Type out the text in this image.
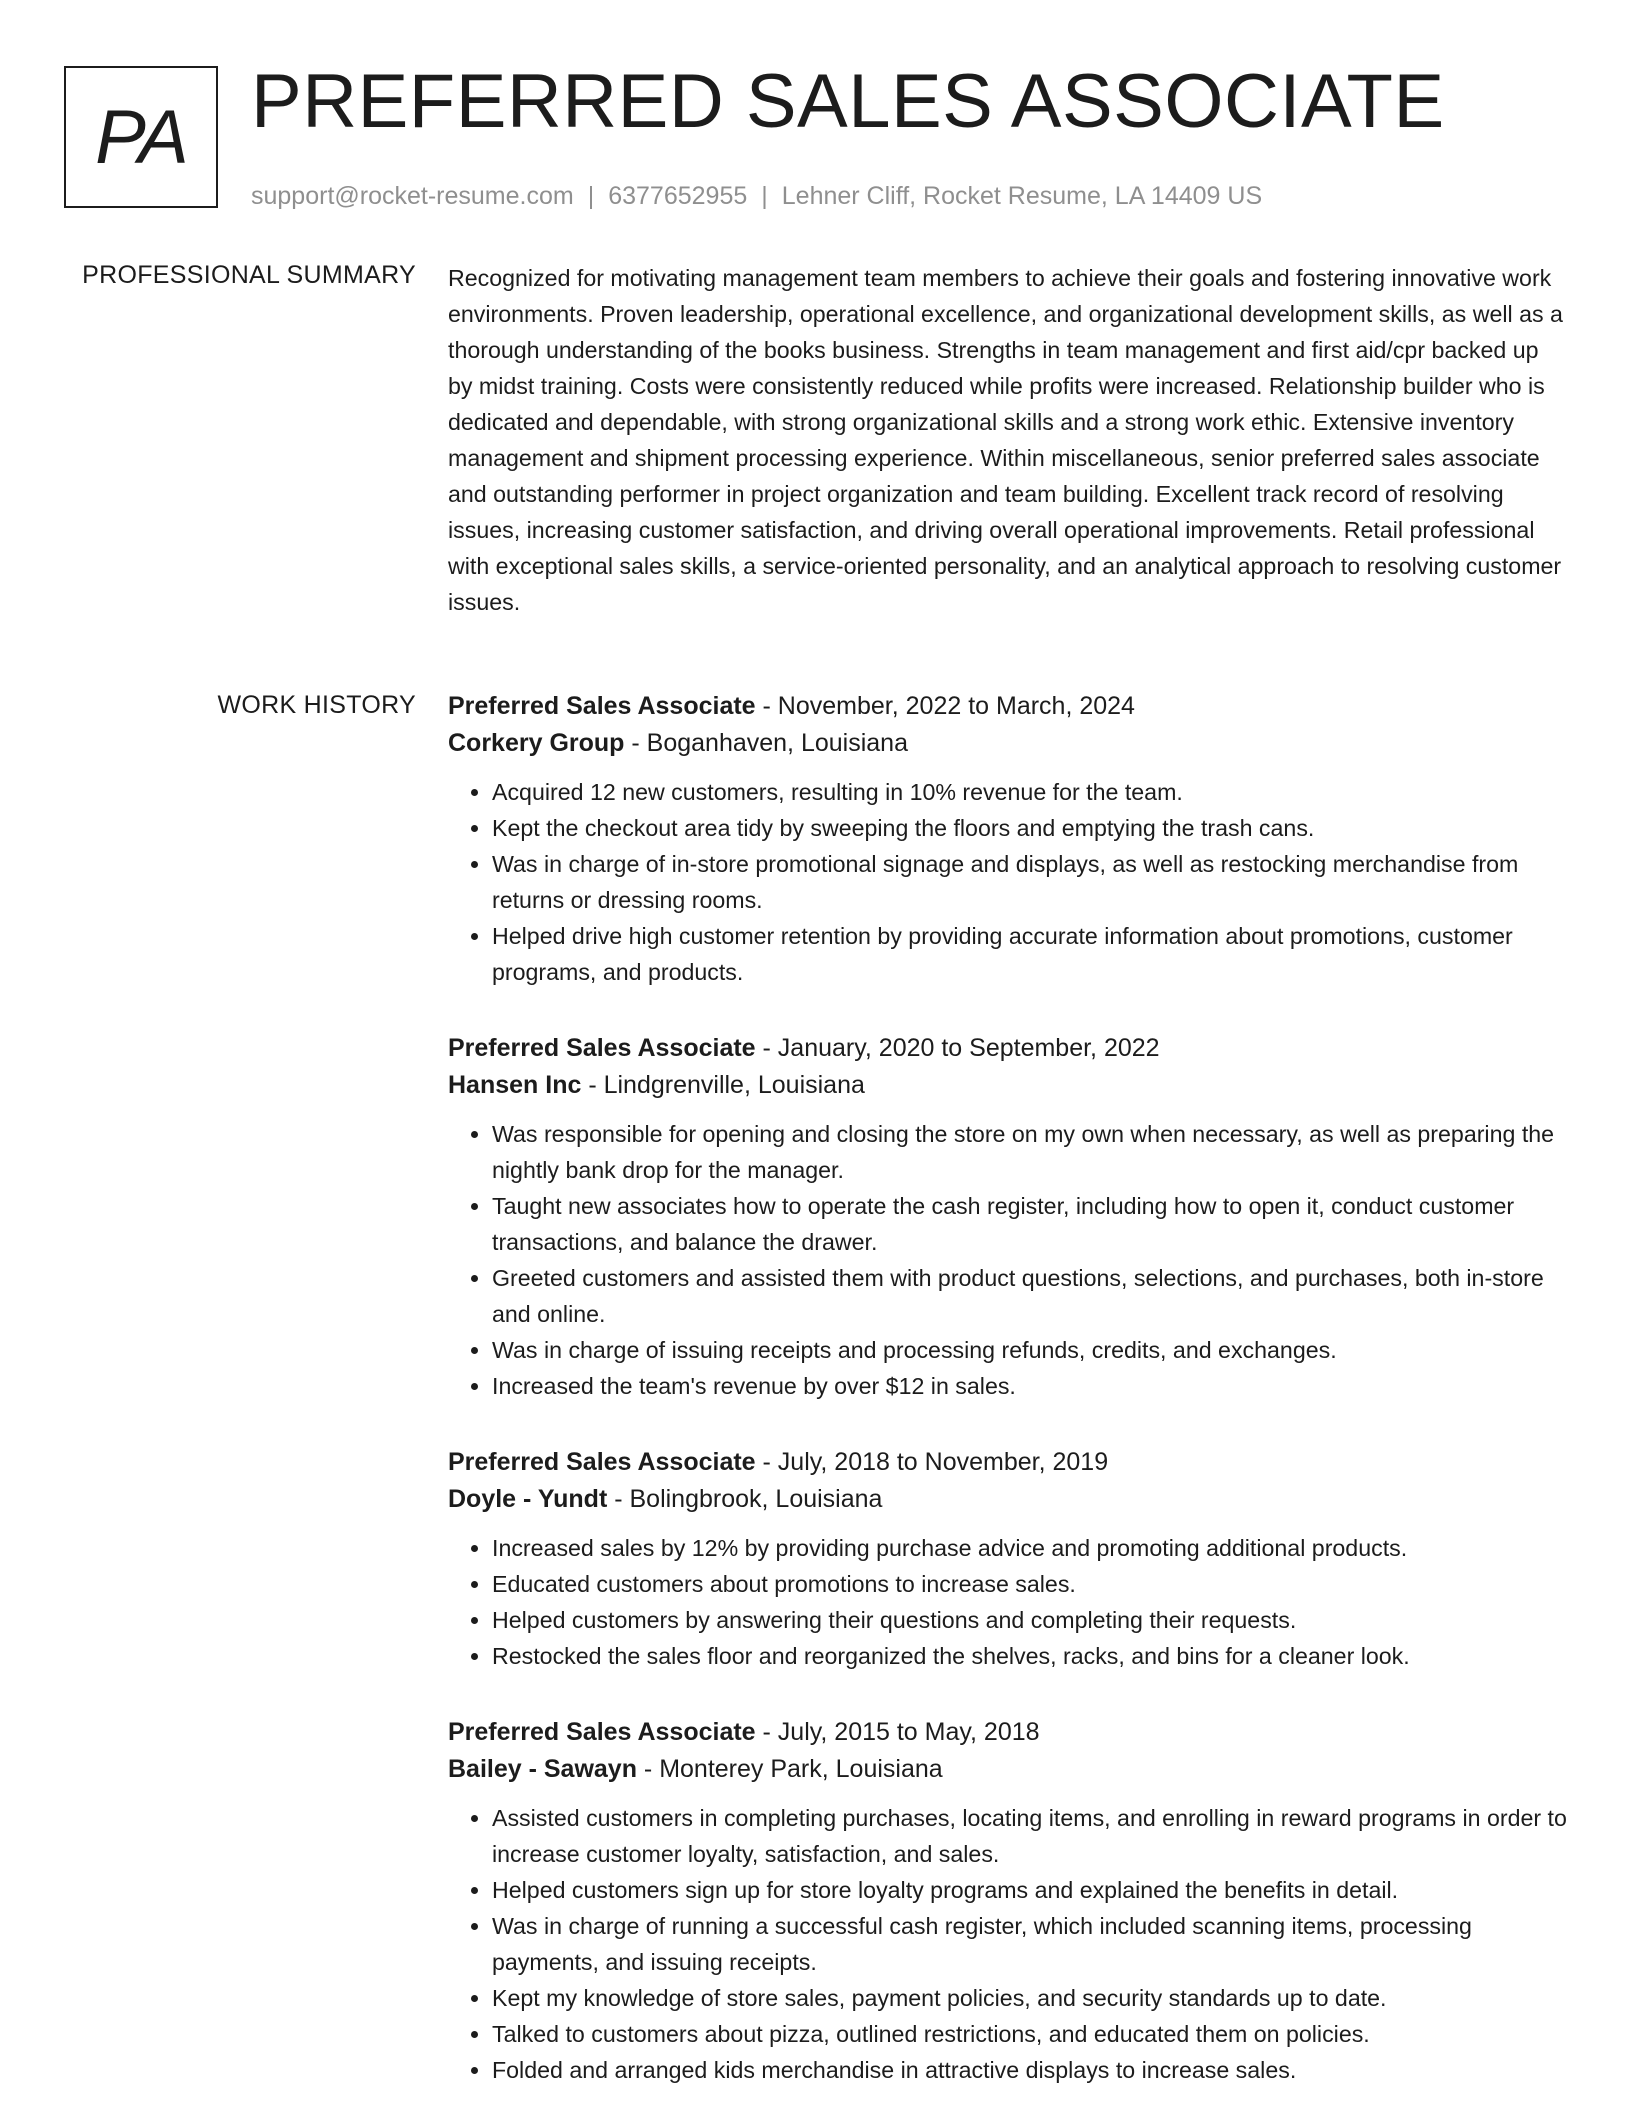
PA PREFERRED SALES ASSOCIATE
support@rocket-resume.com | 6377652955 | Lehner Cliff, Rocket Resume, LA 14409 US
PROFESSIONAL SUMMARY Recognized for motivating management team members to achieve their goals and fostering innovative work environments. Proven leadership, operational excellence, and organizational development skills, as well as a thorough understanding of the books business. Strengths in team management and first aid/cpr backed up by midst training. Costs were consistently reduced while profits were increased. Relationship builder who is dedicated and dependable, with strong organizational skills and a strong work ethic. Extensive inventory management and shipment processing experience. Within miscellaneous, senior preferred sales associate and outstanding performer in project organization and team building. Excellent track record of resolving issues, increasing customer satisfaction, and driving overall operational improvements. Retail professional with exceptional sales skills, a service-oriented personality, and an analytical approach to resolving customer issues.

WORK HISTORY Preferred Sales Associate - November, 2022 to March, 2024
Corkery Group - Boganhaven, Louisiana
• Acquired 12 new customers, resulting in 10% revenue for the team.
• Kept the checkout area tidy by sweeping the floors and emptying the trash cans.
• Was in charge of in-store promotional signage and displays, as well as restocking merchandise from returns or dressing rooms.
• Helped drive high customer retention by providing accurate information about promotions, customer programs, and products.
Preferred Sales Associate - January, 2020 to September, 2022
Hansen Inc - Lindgrenville, Louisiana
• Was responsible for opening and closing the store on my own when necessary, as well as preparing the nightly bank drop for the manager.
• Taught new associates how to operate the cash register, including how to open it, conduct customer transactions, and balance the drawer.
• Greeted customers and assisted them with product questions, selections, and purchases, both in-store and online.
• Was in charge of issuing receipts and processing refunds, credits, and exchanges.
• Increased the team's revenue by over $12 in sales.
Preferred Sales Associate - July, 2018 to November, 2019
Doyle - Yundt - Bolingbrook, Louisiana
• Increased sales by 12% by providing purchase advice and promoting additional products.
• Educated customers about promotions to increase sales.
• Helped customers by answering their questions and completing their requests.
• Restocked the sales floor and reorganized the shelves, racks, and bins for a cleaner look.
Preferred Sales Associate - July, 2015 to May, 2018
Bailey - Sawayn - Monterey Park, Louisiana
• Assisted customers in completing purchases, locating items, and enrolling in reward programs in order to increase customer loyalty, satisfaction, and sales.
• Helped customers sign up for store loyalty programs and explained the benefits in detail.
• Was in charge of running a successful cash register, which included scanning items, processing payments, and issuing receipts.
• Kept my knowledge of store sales, payment policies, and security standards up to date.
• Talked to customers about pizza, outlined restrictions, and educated them on policies.
• Folded and arranged kids merchandise in attractive displays to increase sales.
